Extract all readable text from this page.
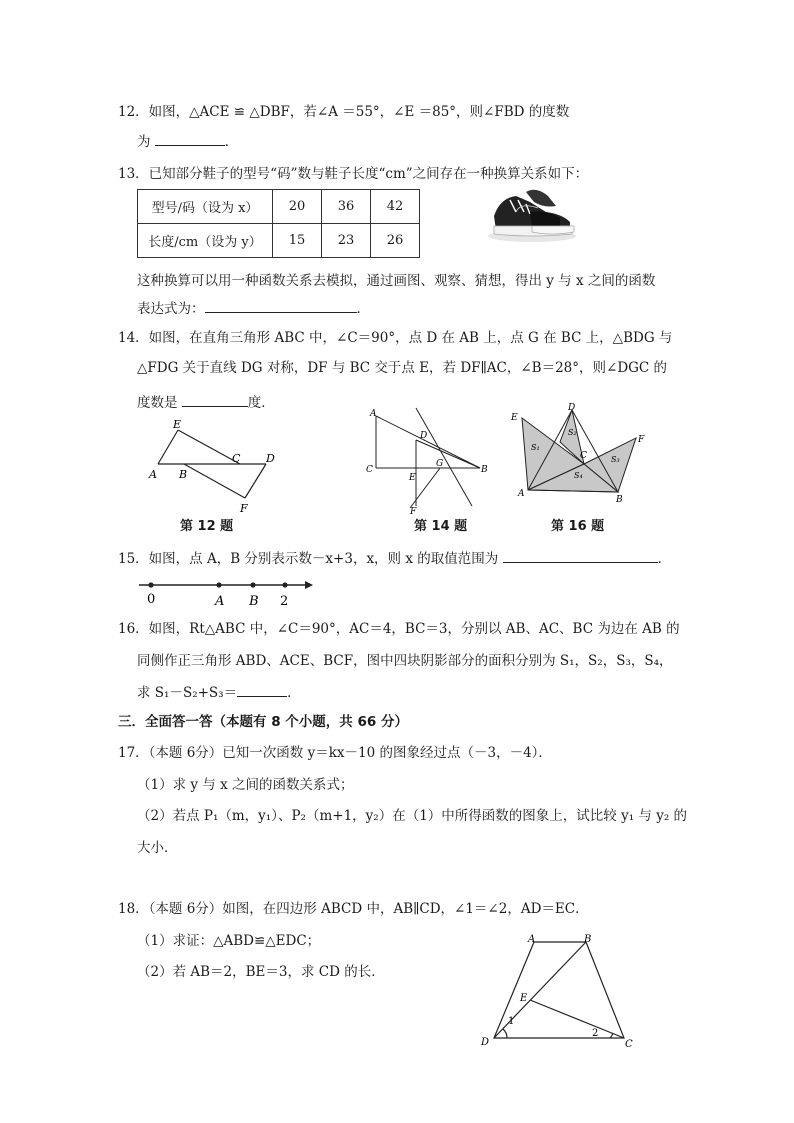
12．如图，△ACE ≌ △DBF，若∠A ＝55°，∠E ＝85°，则∠FBD 的度数
为	．
13．已知部分鞋子的型号“码”数与鞋子长度“cm”之间存在一种换算关系如下：
型号/码（设为 x）	20	36	42
长度/cm（设为 y）	15	23	26
这种换算可以用一种函数关系去模拟，通过画图、观察、猜想，得出 y 与 x 之间的函数
表达式为：	．
14．如图，在直角三角形 ABC 中，∠C＝90°，点 D 在 AB 上，点 G 在 BC 上，△BDG 与
△FDG 关于直线 DG 对称，DF 与 BC 交于点 E，若 DF∥AC，∠B＝28°，则∠DGC 的
度数是	度．
E
A B
C D
F
第 12 题
A
C
D
G
E
B
F
第 14 题
E
D
F
S₁
S₂
S₃
S₄
C
A
B
第 16 题
15．如图，点 A，B 分别表示数－x+3，x，则 x 的取值范围为	．
0	A B 2
16．如图，Rt△ABC 中，∠C＝90°，AC＝4，BC＝3，分别以 AB、AC、BC 为边在 AB 的
同侧作正三角形 ABD、ACE、BCF，图中四块阴影部分的面积分别为 S₁，S₂，S₃，S₄，
求 S₁－S₂+S₃＝	．
三．全面答一答（本题有 8 个小题，共 66 分）
17．（本题 6分）已知一次函数 y＝kx－10 的图象经过点（－3，－4）．
（1）求 y 与 x 之间的函数关系式；
（2）若点 P₁（m，y₁）、P₂（m+1，y₂）在（1）中所得函数的图象上，试比较 y₁ 与 y₂ 的
大小．
18．（本题 6分）如图，在四边形 ABCD 中，AB∥CD，∠1＝∠2，AD＝EC．
（1）求证：△ABD≌△EDC；
（2）若 AB＝2，BE＝3，求 CD 的长．
A	B
E
1
2
D	C
